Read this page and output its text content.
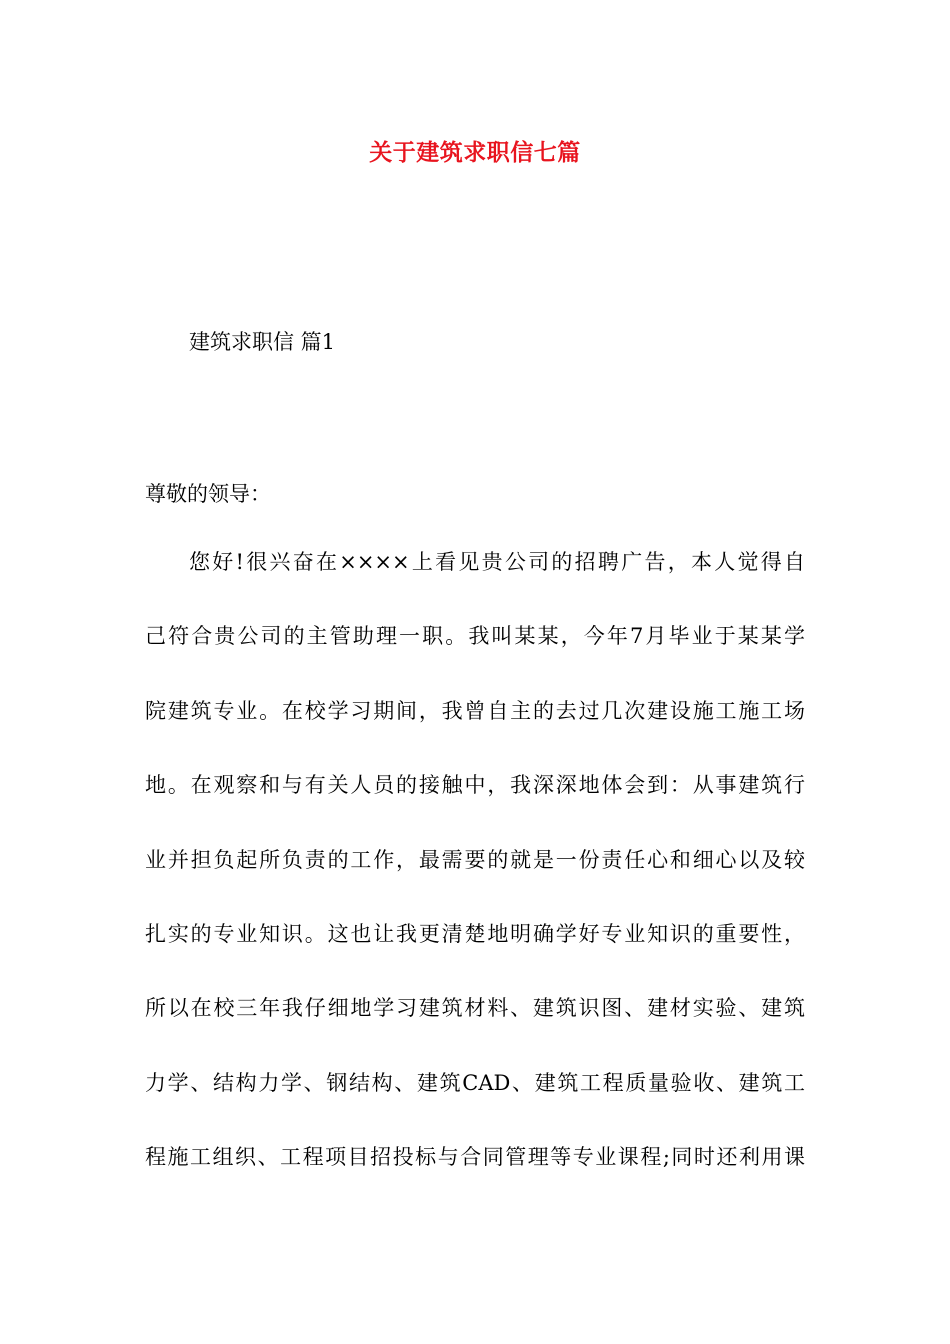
关于建筑求职信七篇
建筑求职信 篇1
尊敬的领导：
您好!很兴奋在××××上看见贵公司的招聘广告，本人觉得自
己符合贵公司的主管助理一职。我叫某某，今年7月毕业于某某学
院建筑专业。在校学习期间，我曾自主的去过几次建设施工施工场
地。在观察和与有关人员的接触中，我深深地体会到：从事建筑行
业并担负起所负责的工作，最需要的就是一份责任心和细心以及较
扎实的专业知识。这也让我更清楚地明确学好专业知识的重要性，
所以在校三年我仔细地学习建筑材料、建筑识图、建材实验、建筑
力学、结构力学、钢结构、建筑CAD、建筑工程质量验收、建筑工
程施工组织、工程项目招投标与合同管理等专业课程;同时还利用课
